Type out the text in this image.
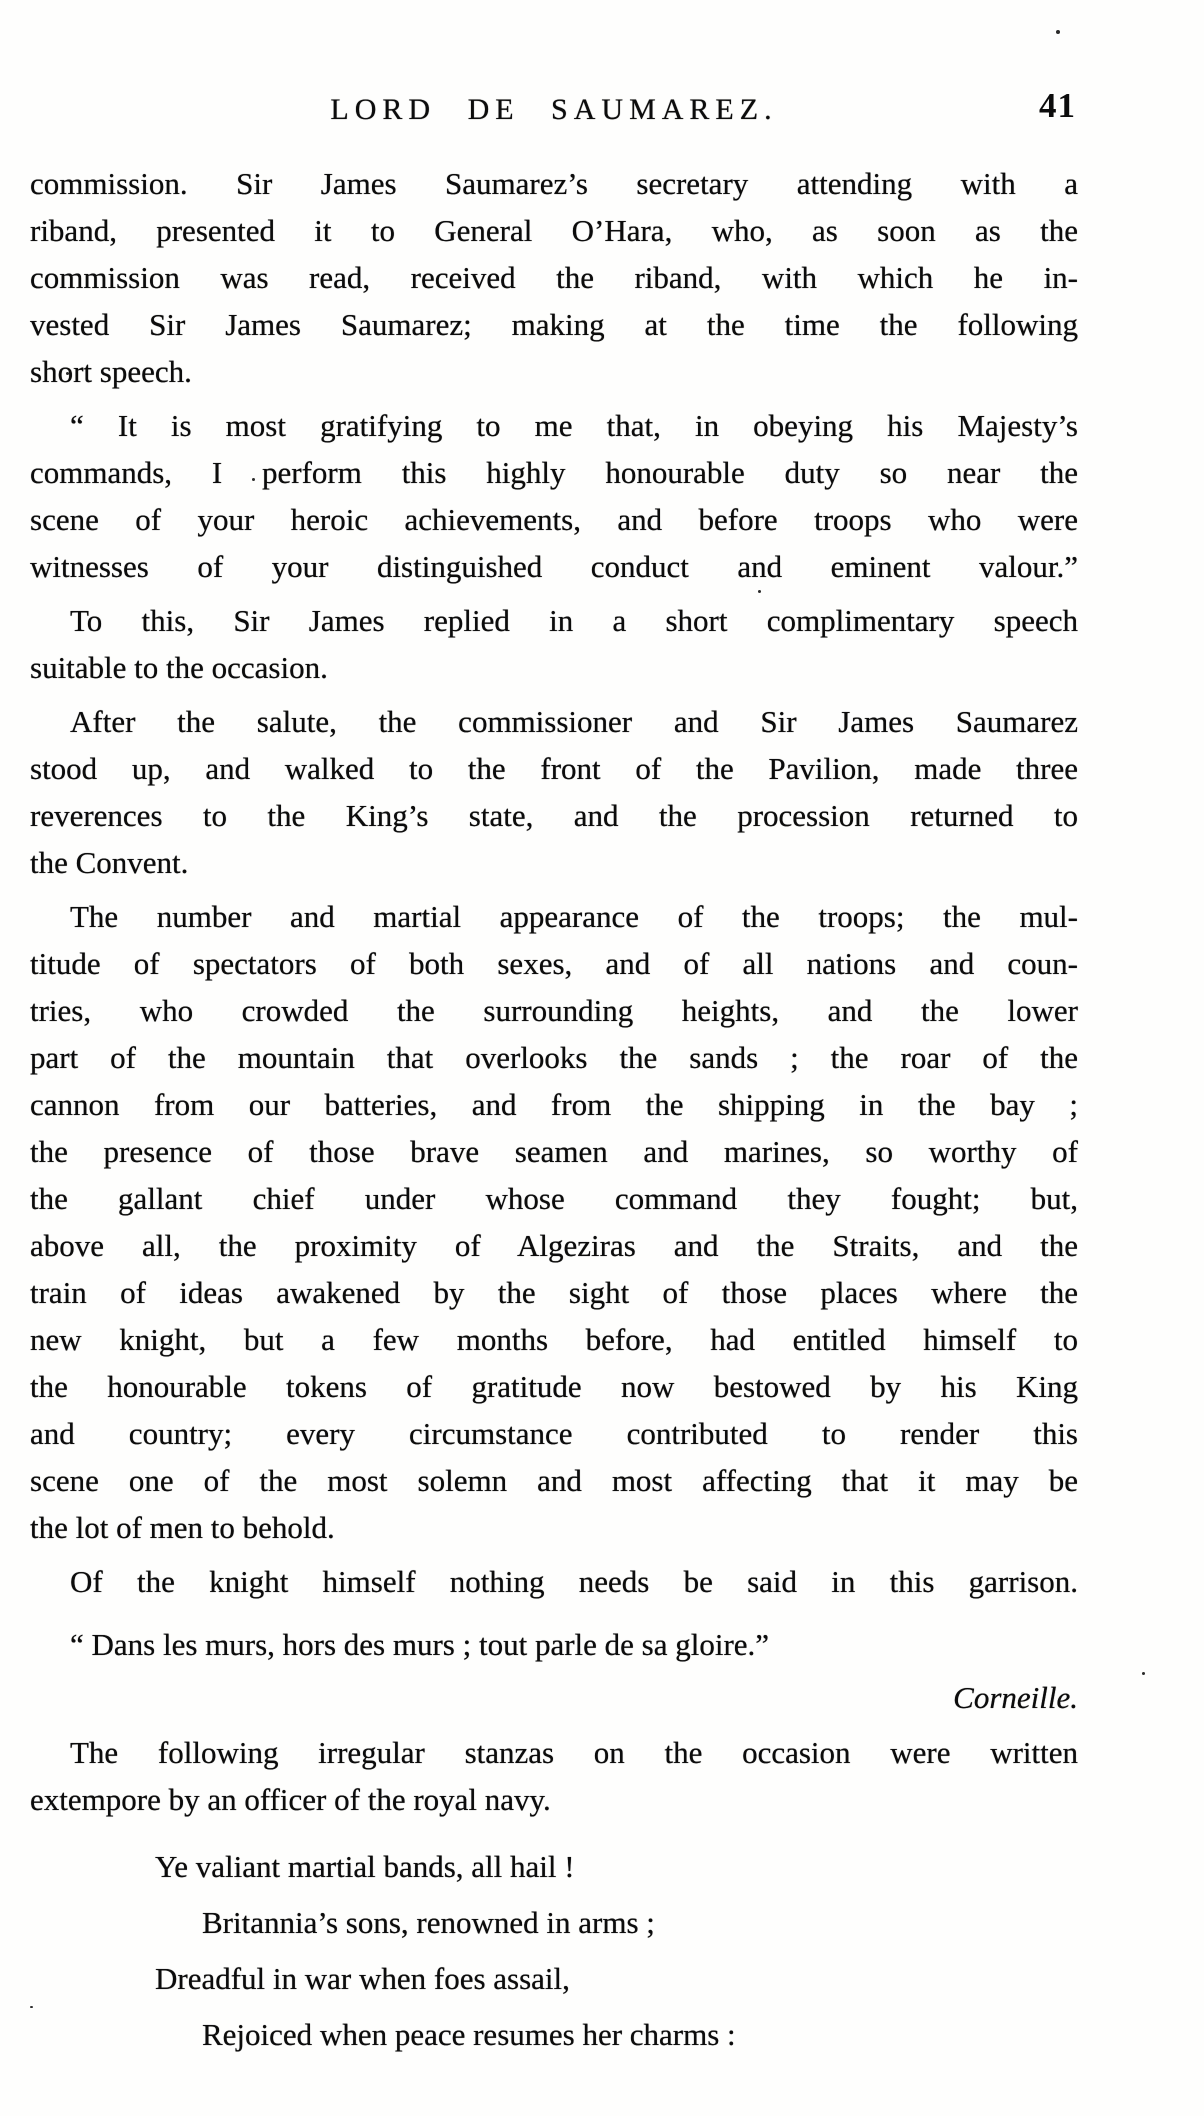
LORD DE SAUMAREZ.	41
commission. Sir James Saumarez’s secretary attending with a
riband, presented it to General O’Hara, who, as soon as the
commission was read, received the riband, with which he in-
vested Sir James Saumarez; making at the time the following
short speech.
“ It is most gratifying to me that, in obeying his Majesty’s
commands, I perform this highly honourable duty so near the
scene of your heroic achievements, and before troops who were
witnesses of your distinguished conduct and eminent valour.”
To this, Sir James replied in a short complimentary speech
suitable to the occasion.
After the salute, the commissioner and Sir James Saumarez
stood up, and walked to the front of the Pavilion, made three
reverences to the King’s state, and the procession returned to
the Convent.
The number and martial appearance of the troops; the mul-
titude of spectators of both sexes, and of all nations and coun-
tries, who crowded the surrounding heights, and the lower
part of the mountain that overlooks the sands ; the roar of the
cannon from our batteries, and from the shipping in the bay ;
the presence of those brave seamen and marines, so worthy of
the gallant chief under whose command they fought; but,
above all, the proximity of Algeziras and the Straits, and the
train of ideas awakened by the sight of those places where the
new knight, but a few months before, had entitled himself to
the honourable tokens of gratitude now bestowed by his King
and country; every circumstance contributed to render this
scene one of the most solemn and most affecting that it may be
the lot of men to behold.
Of the knight himself nothing needs be said in this garrison.
“ Dans les murs, hors des murs ; tout parle de sa gloire.”
Corneille.
The following irregular stanzas on the occasion were written
extempore by an officer of the royal navy.
Ye valiant martial bands, all hail !
Britannia’s sons, renowned in arms ;
Dreadful in war when foes assail,
Rejoiced when peace resumes her charms :
